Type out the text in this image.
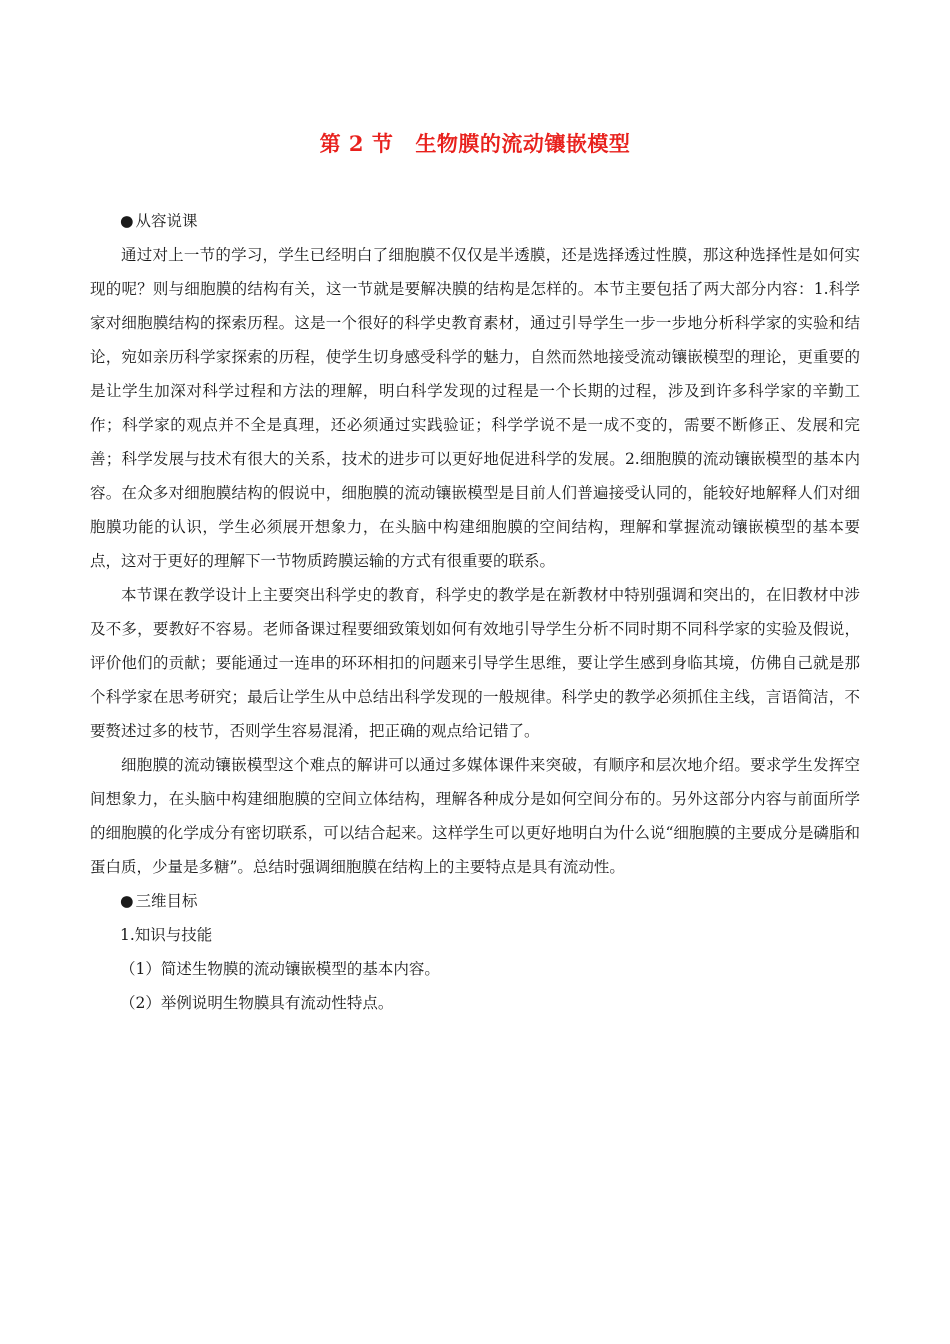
第 2 节 生物膜的流动镶嵌模型

● 从容说课

通过对上一节的学习，学生已经明白了细胞膜不仅仅是半透膜，还是选择透过性膜，那这种选择性是如何实现的呢？则与细胞膜的结构有关，这一节就是要解决膜的结构是怎样的。本节主要包括了两大部分内容：1.科学家对细胞膜结构的探索历程。这是一个很好的科学史教育素材，通过引导学生一步一步地分析科学家的实验和结论，宛如亲历科学家探索的历程，使学生切身感受科学的魅力，自然而然地接受流动镶嵌模型的理论，更重要的是让学生加深对科学过程和方法的理解，明白科学发现的过程是一个长期的过程，涉及到许多科学家的辛勤工作；科学家的观点并不全是真理，还必须通过实践验证；科学学说不是一成不变的，需要不断修正、发展和完善；科学发展与技术有很大的关系，技术的进步可以更好地促进科学的发展。2.细胞膜的流动镶嵌模型的基本内容。在众多对细胞膜结构的假说中，细胞膜的流动镶嵌模型是目前人们普遍接受认同的，能较好地解释人们对细胞膜功能的认识，学生必须展开想象力，在头脑中构建细胞膜的空间结构，理解和掌握流动镶嵌模型的基本要点，这对于更好的理解下一节物质跨膜运输的方式有很重要的联系。

本节课在教学设计上主要突出科学史的教育，科学史的教学是在新教材中特别强调和突出的，在旧教材中涉及不多，要教好不容易。老师备课过程要细致策划如何有效地引导学生分析不同时期不同科学家的实验及假说，评价他们的贡献；要能通过一连串的环环相扣的问题来引导学生思维，要让学生感到身临其境，仿佛自己就是那个科学家在思考研究；最后让学生从中总结出科学发现的一般规律。科学史的教学必须抓住主线，言语简洁，不要赘述过多的枝节，否则学生容易混淆，把正确的观点给记错了。

细胞膜的流动镶嵌模型这个难点的解讲可以通过多媒体课件来突破，有顺序和层次地介绍。要求学生发挥空间想象力，在头脑中构建细胞膜的空间立体结构，理解各种成分是如何空间分布的。另外这部分内容与前面所学的细胞膜的化学成分有密切联系，可以结合起来。这样学生可以更好地明白为什么说“细胞膜的主要成分是磷脂和蛋白质，少量是多糖”。总结时强调细胞膜在结构上的主要特点是具有流动性。

● 三维目标

1.知识与技能

（1）简述生物膜的流动镶嵌模型的基本内容。

（2）举例说明生物膜具有流动性特点。
